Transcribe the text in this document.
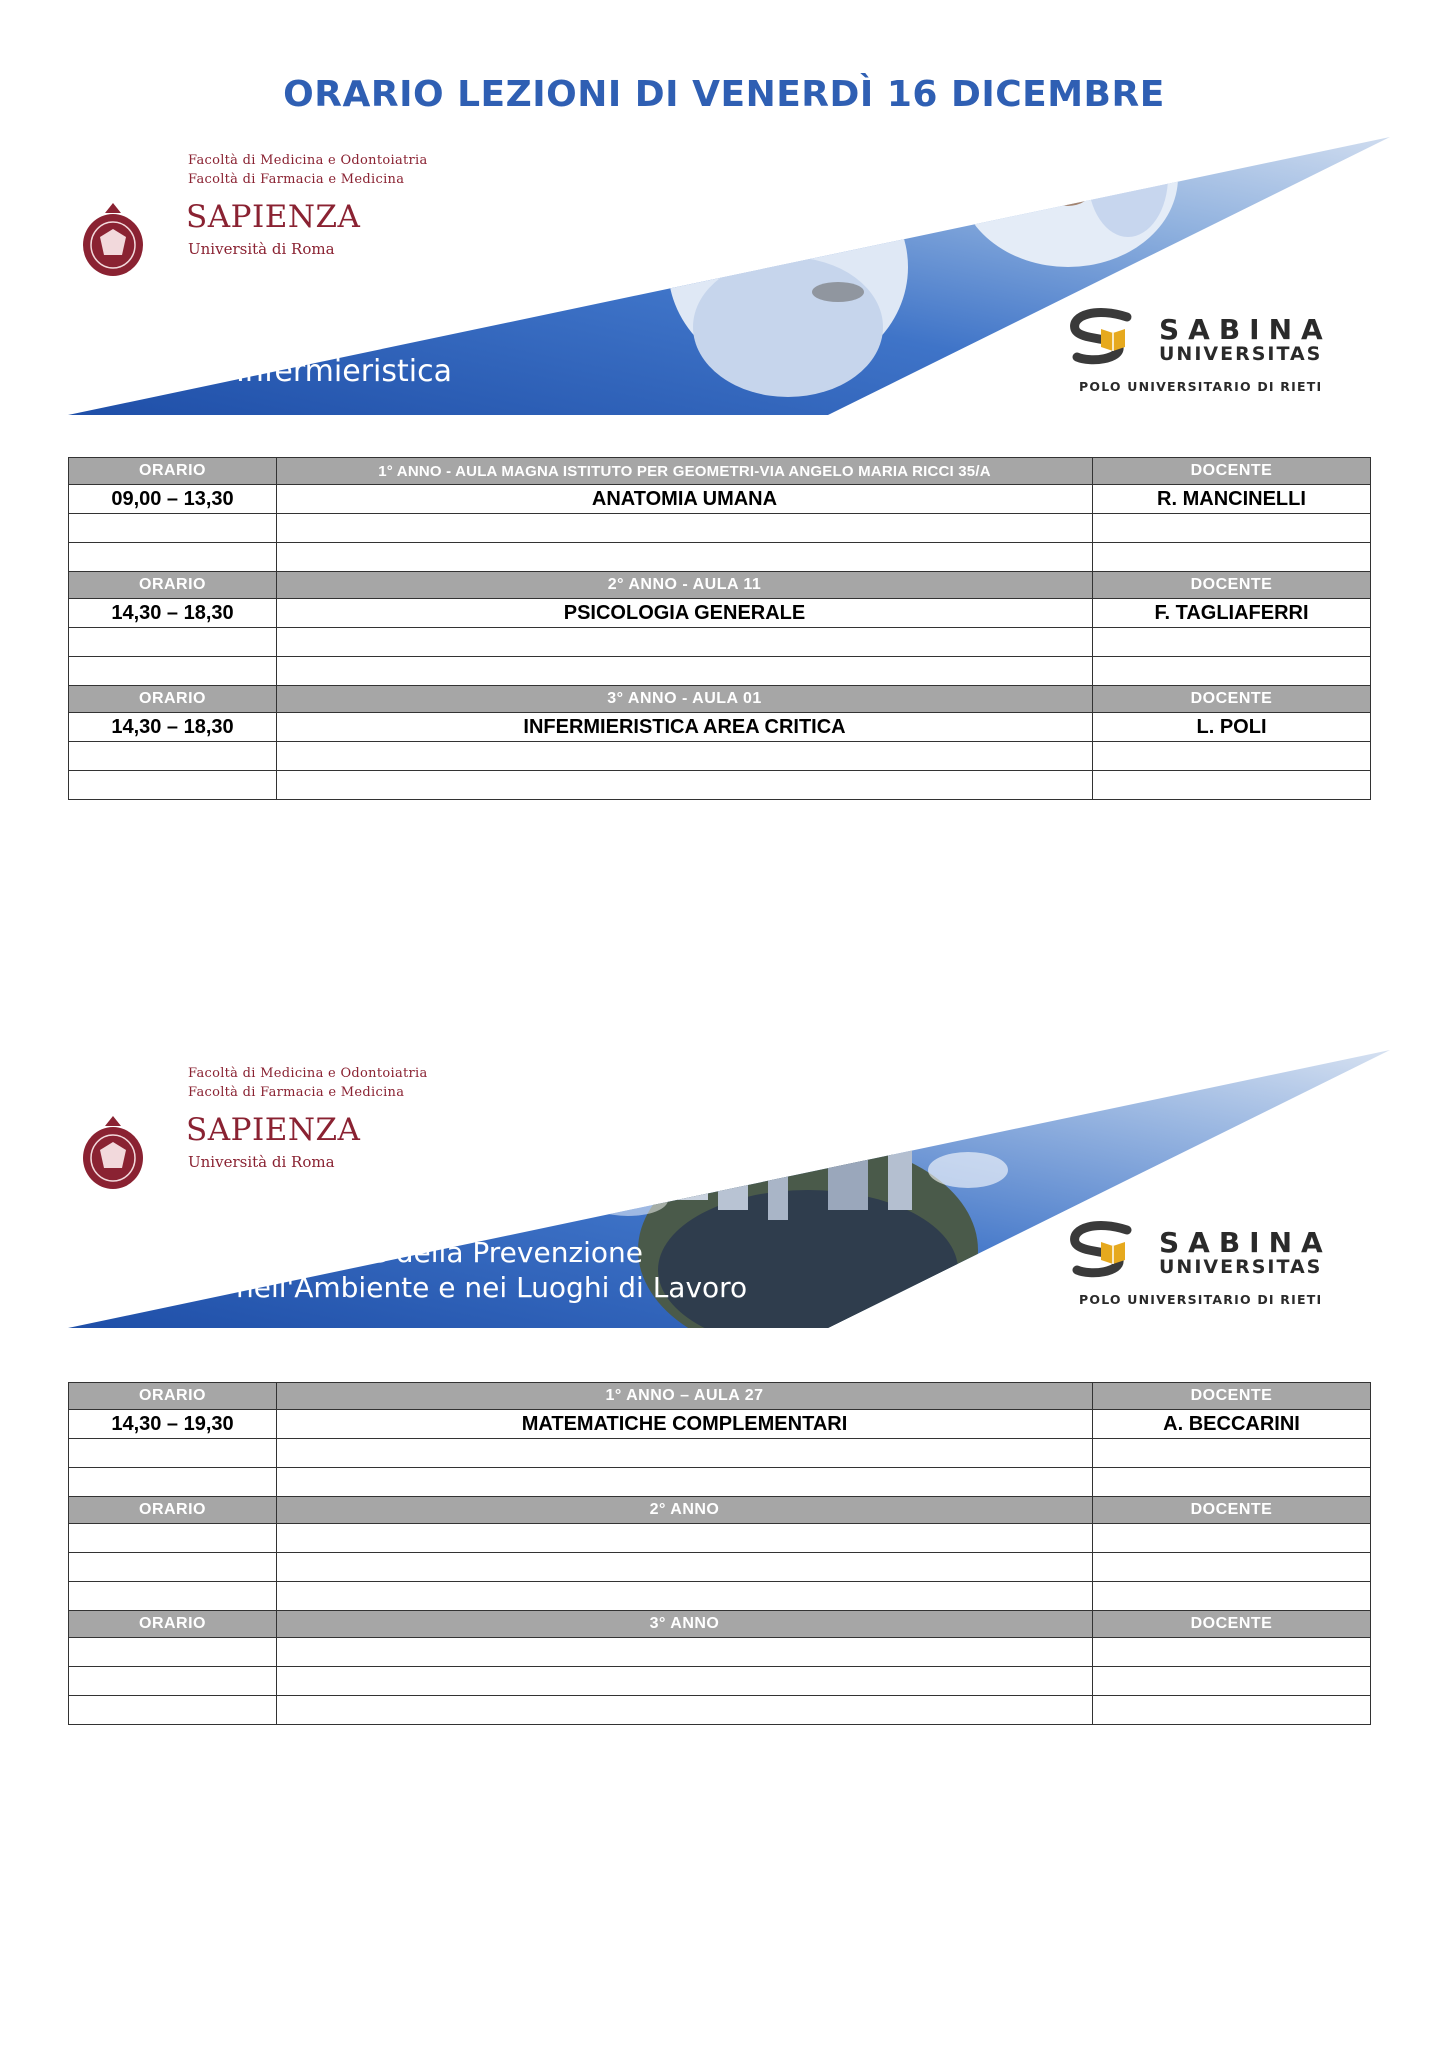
ORARIO LEZIONI DI VENERDÌ 16 DICEMBRE
Facoltà di Medicina e Odontoiatria
Facoltà di Farmacia e Medicina
SAPIENZA
Università di Roma
Infermieristica
SABINA
UNIVERSITAS
POLO UNIVERSITARIO DI RIETI
ORARIO	1° ANNO - AULA MAGNA ISTITUTO PER GEOMETRI-VIA ANGELO MARIA RICCI 35/A	DOCENTE
09,00 – 13,30	ANATOMIA UMANA	R. MANCINELLI

ORARIO	2° ANNO - AULA 11	DOCENTE
14,30 – 18,30	PSICOLOGIA GENERALE	F. TAGLIAFERRI

ORARIO	3° ANNO - AULA 01	DOCENTE
14,30 – 18,30	INFERMIERISTICA AREA CRITICA	L. POLI

Facoltà di Medicina e Odontoiatria
Facoltà di Farmacia e Medicina
SAPIENZA
Università di Roma
Tecniche della Prevenzione
nell'Ambiente e nei Luoghi di Lavoro
SABINA
UNIVERSITAS
POLO UNIVERSITARIO DI RIETI
ORARIO	1° ANNO – AULA 27	DOCENTE
14,30 – 19,30	MATEMATICHE COMPLEMENTARI	A. BECCARINI

ORARIO	2° ANNO	DOCENTE

ORARIO	3° ANNO	DOCENTE
